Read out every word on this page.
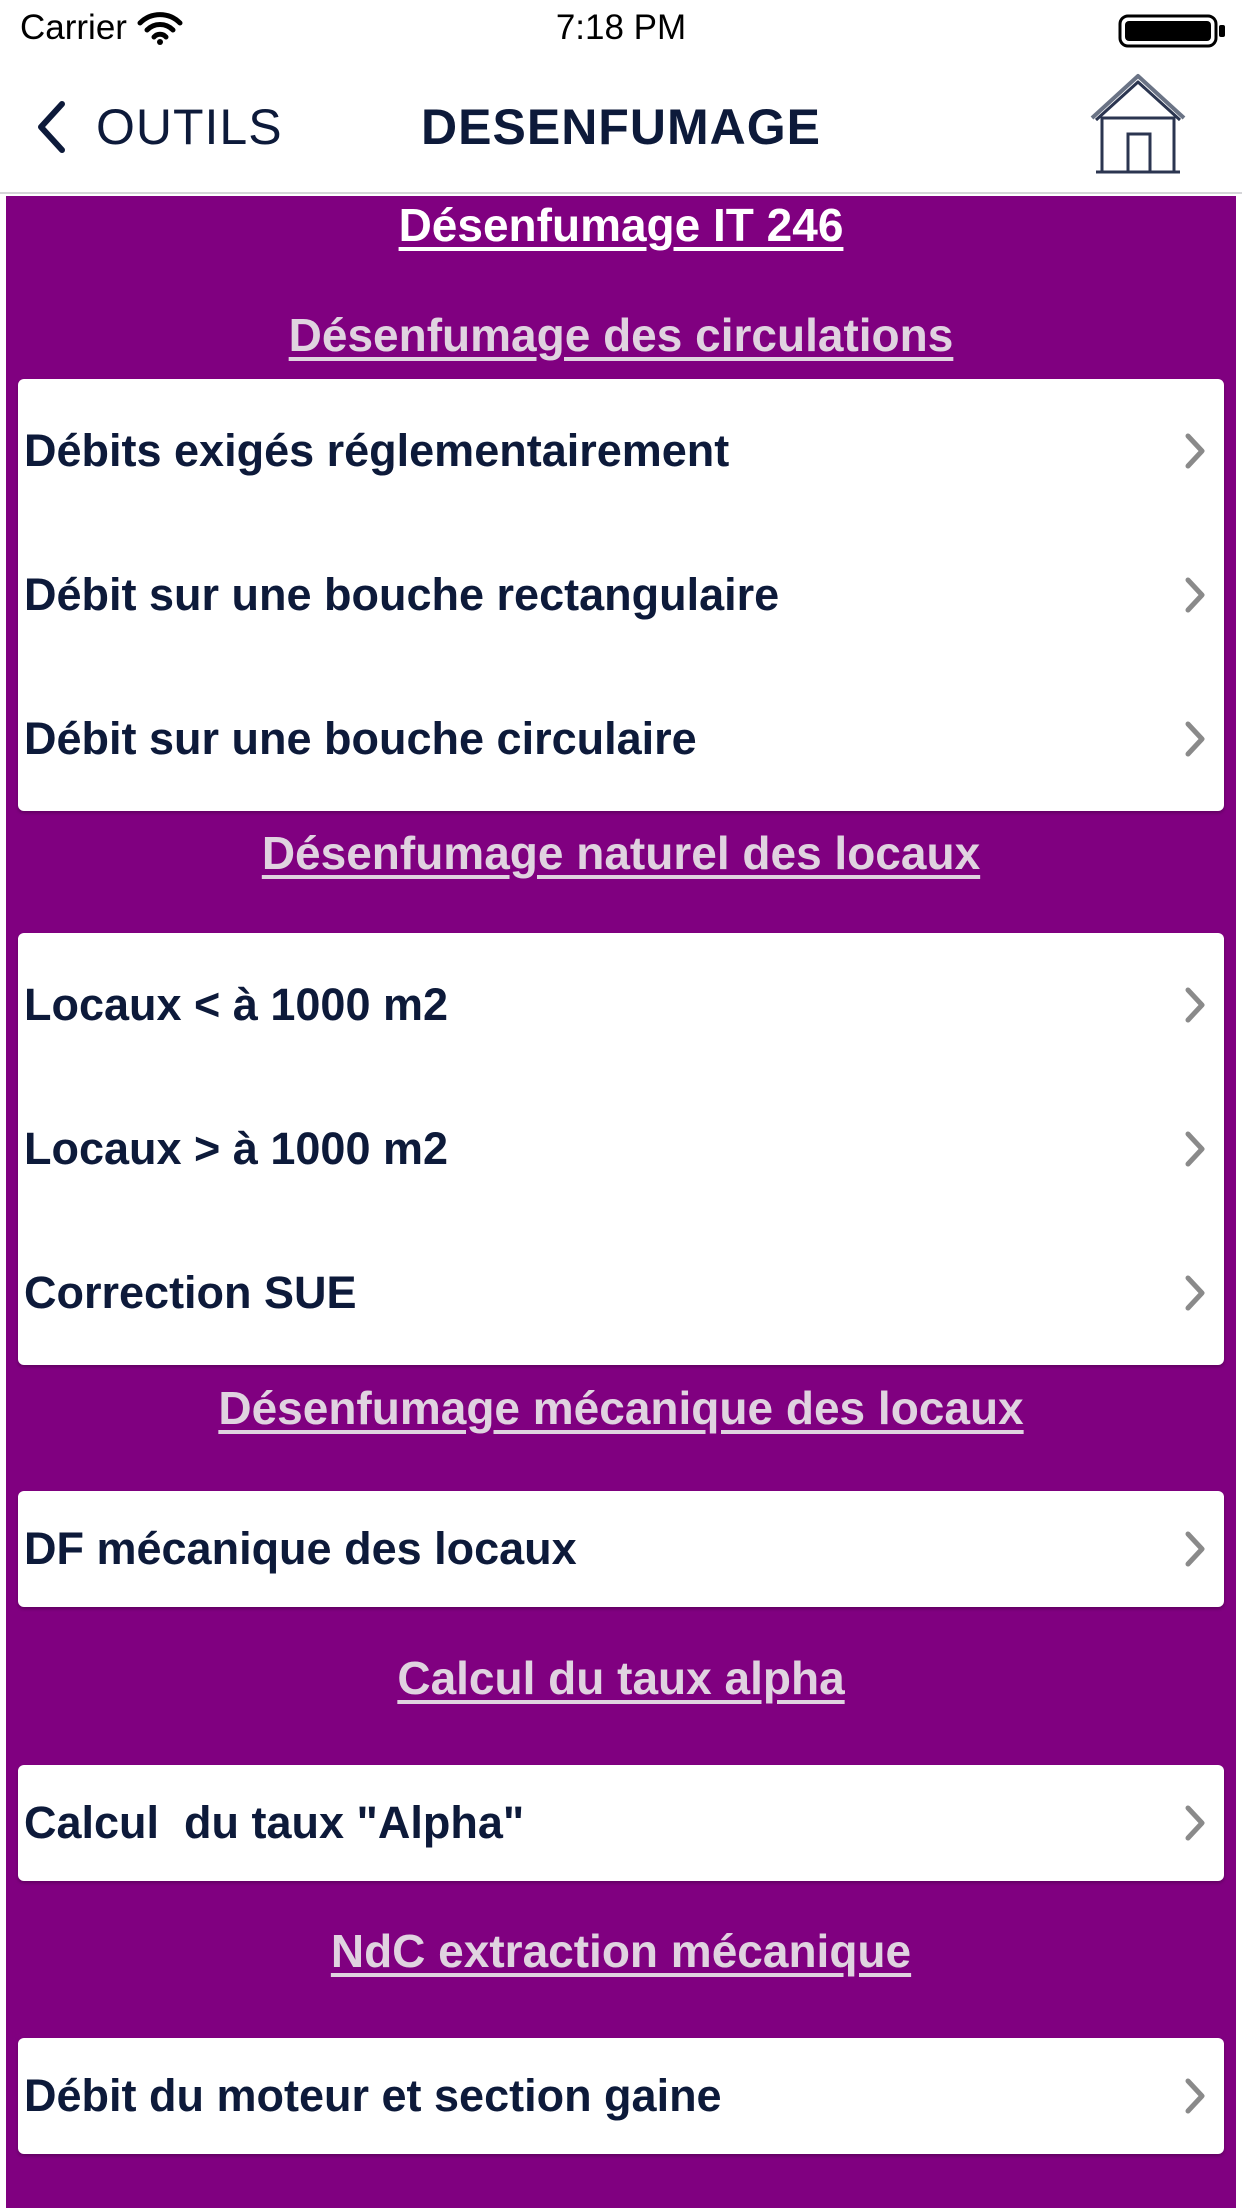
Carrier	7:18 PM
OUTILS	DESENFUMAGE
Désenfumage IT 246
Désenfumage des circulations
Débits exigés réglementairement
Débit sur une bouche rectangulaire
Débit sur une bouche circulaire
Désenfumage naturel des locaux
Locaux < à 1000 m2
Locaux > à 1000 m2
Correction SUE
Désenfumage mécanique des locaux
DF mécanique des locaux
Calcul du taux alpha
Calcul  du taux "Alpha"
NdC extraction mécanique
Débit du moteur et section gaine
